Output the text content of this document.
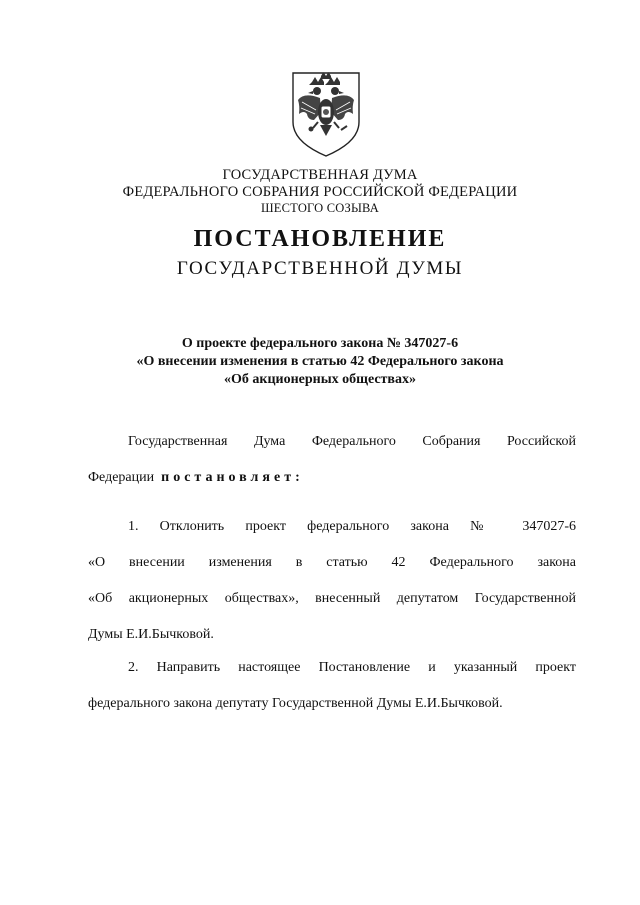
ГОСУДАРСТВЕННАЯ ДУМА
ФЕДЕРАЛЬНОГО СОБРАНИЯ РОССИЙСКОЙ ФЕДЕРАЦИИ
ШЕСТОГО СОЗЫВА
ПОСТАНОВЛЕНИЕ
ГОСУДАРСТВЕННОЙ ДУМЫ
О проекте федерального закона № 347027-6
«О внесении изменения в статью 42 Федерального закона
«Об акционерных обществах»
Государственная Дума Федерального Собрания Российской
Федерации постановляет:
1. Отклонить проект федерального закона № 347027-6
«О внесении изменения в статью 42 Федерального закона
«Об акционерных обществах», внесенный депутатом Государственной
Думы Е.И.Бычковой.
2. Направить настоящее Постановление и указанный проект
федерального закона депутату Государственной Думы Е.И.Бычковой.
